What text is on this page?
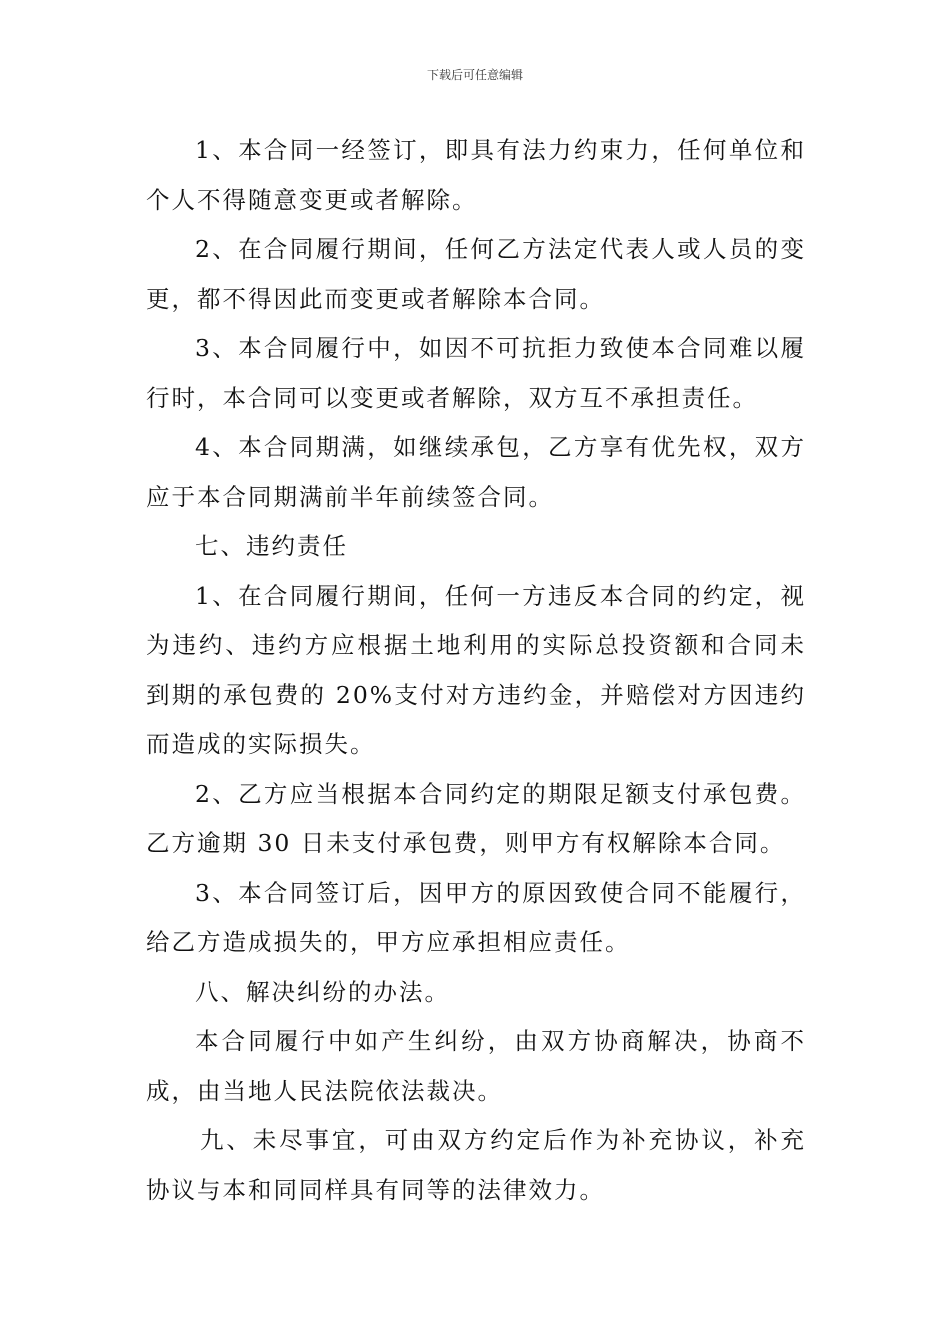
下载后可任意编辑

1、本合同一经签订，即具有法力约束力，任何单位和个人不得随意变更或者解除。

2、在合同履行期间，任何乙方法定代表人或人员的变更，都不得因此而变更或者解除本合同。

3、本合同履行中，如因不可抗拒力致使本合同难以履行时，本合同可以变更或者解除，双方互不承担责任。

4、本合同期满，如继续承包，乙方享有优先权，双方应于本合同期满前半年前续签合同。

七、违约责任

1、在合同履行期间，任何一方违反本合同的约定，视为违约、违约方应根据土地利用的实际总投资额和合同未到期的承包费的 20%支付对方违约金，并赔偿对方因违约而造成的实际损失。

2、乙方应当根据本合同约定的期限足额支付承包费。乙方逾期 30 日未支付承包费，则甲方有权解除本合同。

3、本合同签订后，因甲方的原因致使合同不能履行，给乙方造成损失的，甲方应承担相应责任。

八、解决纠纷的办法。

本合同履行中如产生纠纷，由双方协商解决，协商不成，由当地人民法院依法裁决。

九、未尽事宜，可由双方约定后作为补充协议，补充协议与本和同同样具有同等的法律效力。
